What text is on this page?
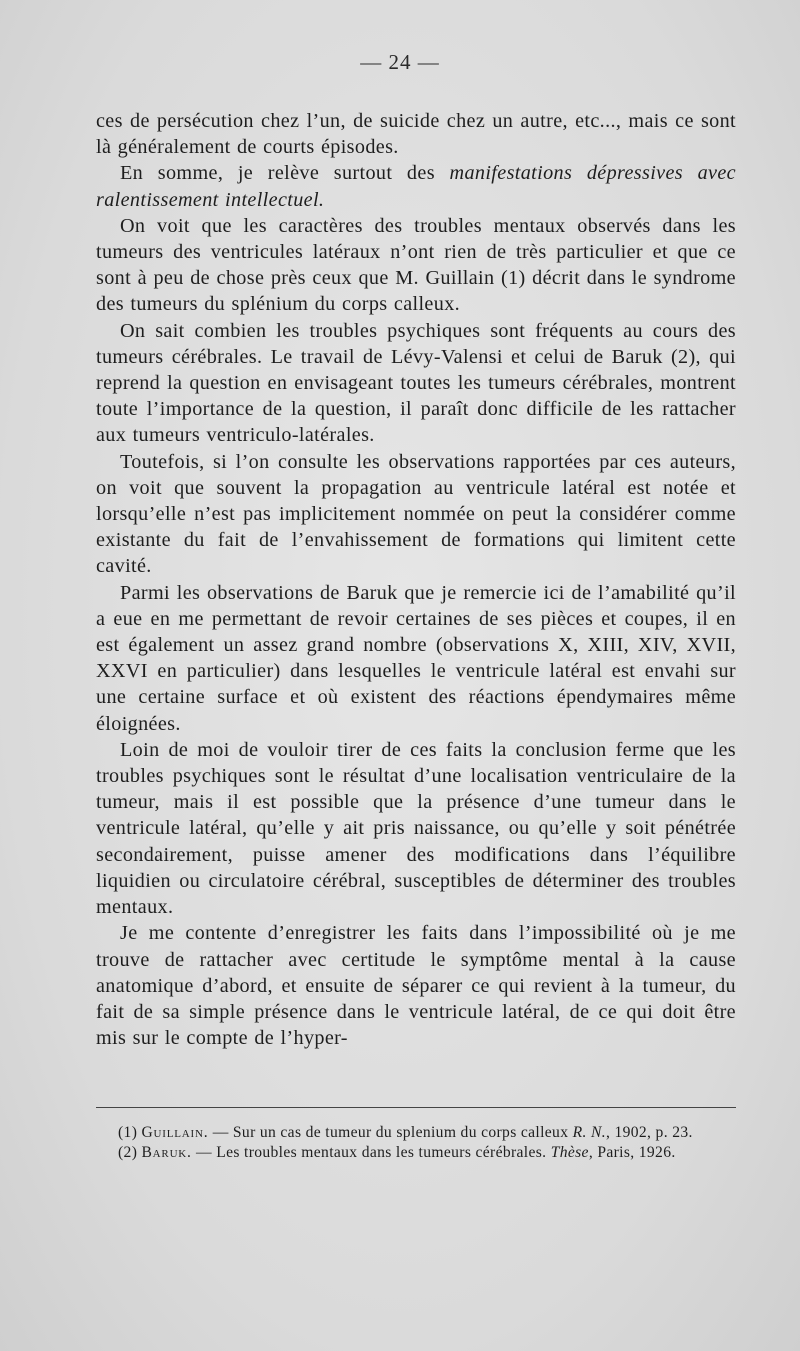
— 24 —

ces de persécution chez l’un, de suicide chez un autre, etc..., mais ce sont là généralement de courts épisodes.

En somme, je relève surtout des manifestations dépressives avec ralentissement intellectuel.

On voit que les caractères des troubles mentaux observés dans les tumeurs des ventricules latéraux n’ont rien de très particulier et que ce sont à peu de chose près ceux que M. Guillain (1) décrit dans le syndrome des tumeurs du splénium du corps calleux.

On sait combien les troubles psychiques sont fréquents au cours des tumeurs cérébrales. Le travail de Lévy-Valensi et celui de Baruk (2), qui reprend la question en envisageant toutes les tumeurs cérébrales, montrent toute l’importance de la question, il paraît donc difficile de les rattacher aux tumeurs ventriculo-latérales.

Toutefois, si l’on consulte les observations rapportées par ces auteurs, on voit que souvent la propagation au ventricule latéral est notée et lorsqu’elle n’est pas implicitement nommée on peut la considérer comme existante du fait de l’envahissement de formations qui limitent cette cavité.

Parmi les observations de Baruk que je remercie ici de l’amabilité qu’il a eue en me permettant de revoir certaines de ses pièces et coupes, il en est également un assez grand nombre (observations X, XIII, XIV, XVII, XXVI en particulier) dans lesquelles le ventricule latéral est envahi sur une certaine surface et où existent des réactions épendymaires même éloignées.

Loin de moi de vouloir tirer de ces faits la conclusion ferme que les troubles psychiques sont le résultat d’une localisation ventriculaire de la tumeur, mais il est possible que la présence d’une tumeur dans le ventricule latéral, qu’elle y ait pris naissance, ou qu’elle y soit pénétrée secondairement, puisse amener des modifications dans l’équilibre liquidien ou circulatoire cérébral, susceptibles de déterminer des troubles mentaux.

Je me contente d’enregistrer les faits dans l’impossibilité où je me trouve de rattacher avec certitude le symptôme mental à la cause anatomique d’abord, et ensuite de séparer ce qui revient à la tumeur, du fait de sa simple présence dans le ventricule latéral, de ce qui doit être mis sur le compte de l’hyper-

(1) Guillain. — Sur un cas de tumeur du splenium du corps calleux R. N., 1902, p. 23.

(2) Baruk. — Les troubles mentaux dans les tumeurs cérébrales. Thèse, Paris, 1926.
